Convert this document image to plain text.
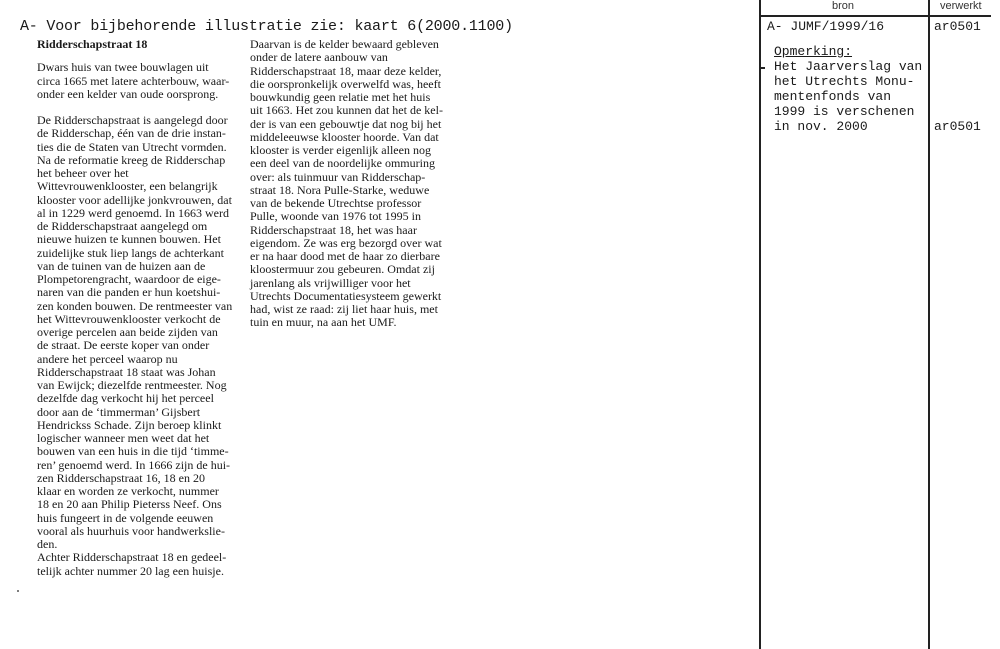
A- Voor bijbehorende illustratie zie: kaart 6(2000.1100)
Ridderschapstraat 18
Dwars huis van twee bouwlagen uit
circa 1665 met latere achterbouw, waar-
onder een kelder van oude oorsprong.
De Ridderschapstraat is aangelegd door
de Ridderschap, één van de drie instan-
ties die de Staten van Utrecht vormden.
Na de reformatie kreeg de Ridderschap
het beheer over het
Wittevrouwenklooster, een belangrijk
klooster voor adellijke jonkvrouwen, dat
al in 1229 werd genoemd. In 1663 werd
de Ridderschapstraat aangelegd om
nieuwe huizen te kunnen bouwen. Het
zuidelijke stuk liep langs de achterkant
van de tuinen van de huizen aan de
Plompetorengracht, waardoor de eige-
naren van die panden er hun koetshui-
zen konden bouwen. De rentmeester van
het Wittevrouwenklooster verkocht de
overige percelen aan beide zijden van
de straat. De eerste koper van onder
andere het perceel waarop nu
Ridderschapstraat 18 staat was Johan
van Ewijck; diezelfde rentmeester. Nog
dezelfde dag verkocht hij het perceel
door aan de ‘timmerman’ Gijsbert
Hendrickss Schade. Zijn beroep klinkt
logischer wanneer men weet dat het
bouwen van een huis in die tijd ‘timme-
ren’ genoemd werd. In 1666 zijn de hui-
zen Ridderschapstraat 16, 18 en 20
klaar en worden ze verkocht, nummer
18 en 20 aan Philip Pieterss Neef. Ons
huis fungeert in de volgende eeuwen
vooral als huurhuis voor handwerkslie-
den.
Achter Ridderschapstraat 18 en gedeel-
telijk achter nummer 20 lag een huisje.
Daarvan is de kelder bewaard gebleven
onder de latere aanbouw van
Ridderschapstraat 18, maar deze kelder,
die oorspronkelijk overwelfd was, heeft
bouwkundig geen relatie met het huis
uit 1663. Het zou kunnen dat het de kel-
der is van een gebouwtje dat nog bij het
middeleeuwse klooster hoorde. Van dat
klooster is verder eigenlijk alleen nog
een deel van de noordelijke ommuring
over: als tuinmuur van Ridderschap-
straat 18. Nora Pulle-Starke, weduwe
van de bekende Utrechtse professor
Pulle, woonde van 1976 tot 1995 in
Ridderschapstraat 18, het was haar
eigendom. Ze was erg bezorgd over wat
er na haar dood met de haar zo dierbare
kloostermuur zou gebeuren. Omdat zij
jarenlang als vrijwilliger voor het
Utrechts Documentatiesysteem gewerkt
had, wist ze raad: zij liet haar huis, met
tuin en muur, na aan het UMF.
bron	verwerkt
A- JUMF/1999/16	ar0501
Opmerking:
Het Jaarverslag van
het Utrechts Monu-
mentenfonds van
1999 is verschenen
in nov. 2000	ar0501
